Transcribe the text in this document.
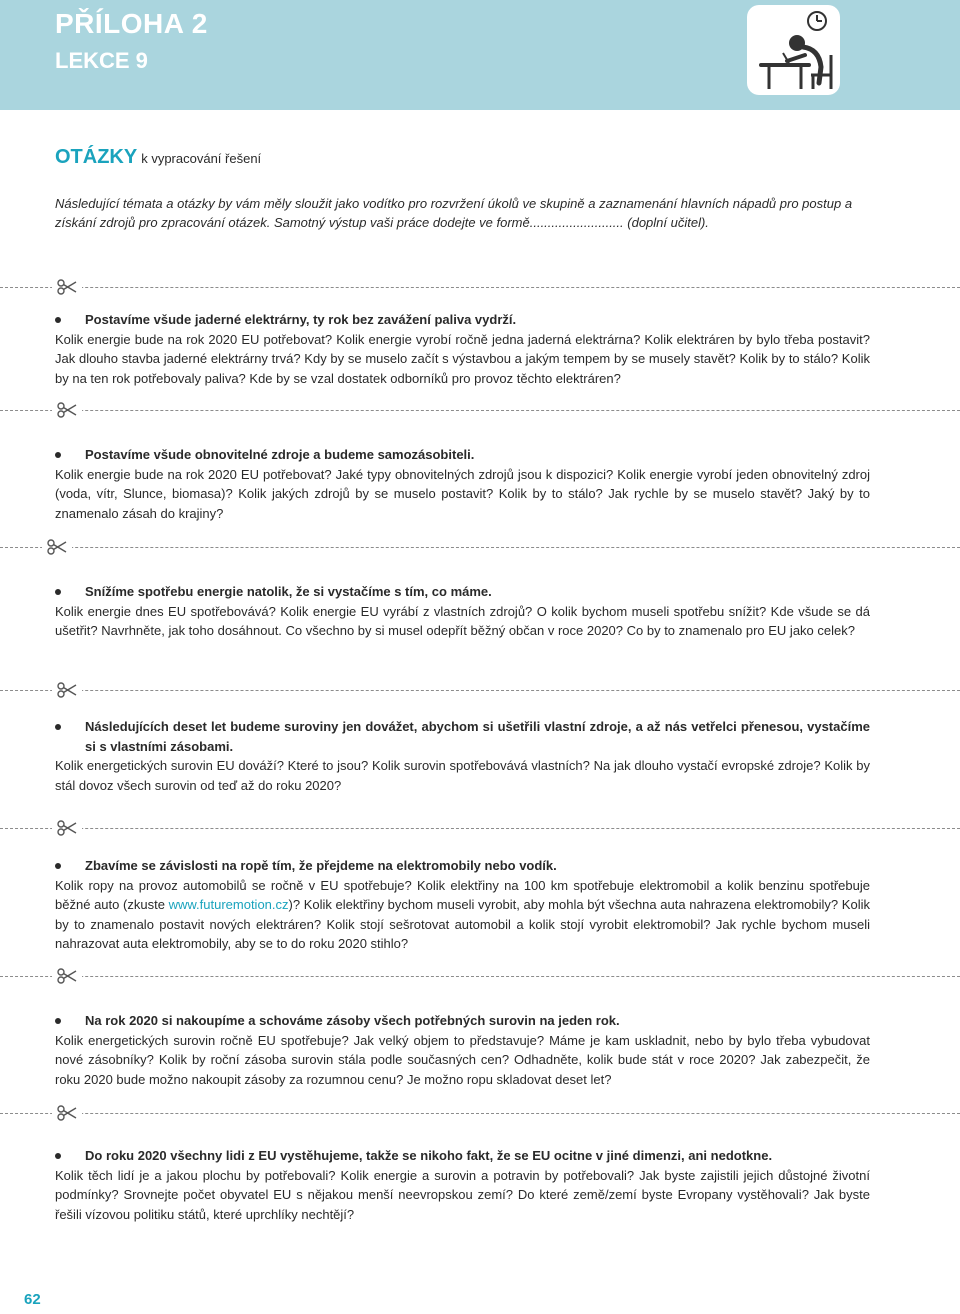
PŘÍLOHA 2
LEKCE 9
OTÁZKY k vypracování řešení
Následující témata a otázky by vám měly sloužit jako vodítko pro rozvržení úkolů ve skupině a zaznamenání hlavních nápadů pro postup a získání zdrojů pro zpracování otázek. Samotný výstup vaši práce dodejte ve formě.......................... (doplní učitel).
Postavíme všude jaderné elektrárny, ty rok bez zavážení paliva vydrží.

Kolik energie bude na rok 2020 EU potřebovat? Kolik energie vyrobí ročně jedna jaderná elektrárna? Kolik elektráren by bylo třeba postavit? Jak dlouho stavba jaderné elektrárny trvá? Kdy by se muselo začít s výstavbou a jakým tempem by se musely stavět? Kolik by to stálo? Kolik by na ten rok potřebovaly paliva? Kde by se vzal dostatek odborníků pro provoz těchto elektráren?

Postavíme všude obnovitelné zdroje a budeme samozásobiteli.

Kolik energie bude na rok 2020 EU potřebovat? Jaké typy obnovitelných zdrojů jsou k dispozici? Kolik energie vyrobí jeden obnovitelný zdroj (voda, vítr, Slunce, biomasa)? Kolik jakých zdrojů by se muselo postavit? Kolik by to stálo? Jak rychle by se muselo stavět? Jaký by to znamenalo zásah do krajiny?

Snížíme spotřebu energie natolik, že si vystačíme s tím, co máme.

Kolik energie dnes EU spotřebovává? Kolik energie EU vyrábí z vlastních zdrojů? O kolik bychom museli spotřebu snížit? Kde všude se dá ušetřit? Navrhněte, jak toho dosáhnout. Co všechno by si musel odepřít běžný občan v roce 2020? Co by to znamenalo pro EU jako celek?

Následujících deset let budeme suroviny jen dovážet, abychom si ušetřili vlastní zdroje, a až nás vetřelci přenesou, vystačíme si s vlastními zásobami.

Kolik energetických surovin EU dováží? Které to jsou? Kolik surovin spotřebovává vlastních? Na jak dlouho vystačí evropské zdroje? Kolik by stál dovoz všech surovin od teď až do roku 2020?

Zbavíme se závislosti na ropě tím, že přejdeme na elektromobily nebo vodík.

Kolik ropy na provoz automobilů se ročně v EU spotřebuje? Kolik elektřiny na 100 km spotřebuje elektromobil a kolik benzinu spotřebuje běžné auto (zkuste www.futuremotion.cz)? Kolik elektřiny bychom museli vyrobit, aby mohla být všechna auta nahrazena elektromobily? Kolik by to znamenalo postavit nových elektráren? Kolik stojí sešrotovat automobil a kolik stojí vyrobit elektromobil? Jak rychle bychom museli nahrazovat auta elektromobily, aby se to do roku 2020 stihlo?

Na rok 2020 si nakoupíme a schováme zásoby všech potřebných surovin na jeden rok.

Kolik energetických surovin ročně EU spotřebuje? Jak velký objem to představuje? Máme je kam uskladnit, nebo by bylo třeba vybudovat nové zásobníky? Kolik by roční zásoba surovin stála podle současných cen? Odhadněte, kolik bude stát v roce 2020? Jak zabezpečit, že roku 2020 bude možno nakoupit zásoby za rozumnou cenu? Je možno ropu skladovat deset let?

Do roku 2020 všechny lidi z EU vystěhujeme, takže se nikoho fakt, že se EU ocitne v jiné dimenzi, ani nedotkne.

Kolik těch lidí je a jakou plochu by potřebovali? Kolik energie a surovin a potravin by potřebovali? Jak byste zajistili jejich důstojné životní podmínky? Srovnejte počet obyvatel EU s nějakou menší neevropskou zemí? Do které země/zemí byste Evropany vystěhovali? Jak byste řešili vízovou politiku států, které uprchlíky nechtějí?

62
